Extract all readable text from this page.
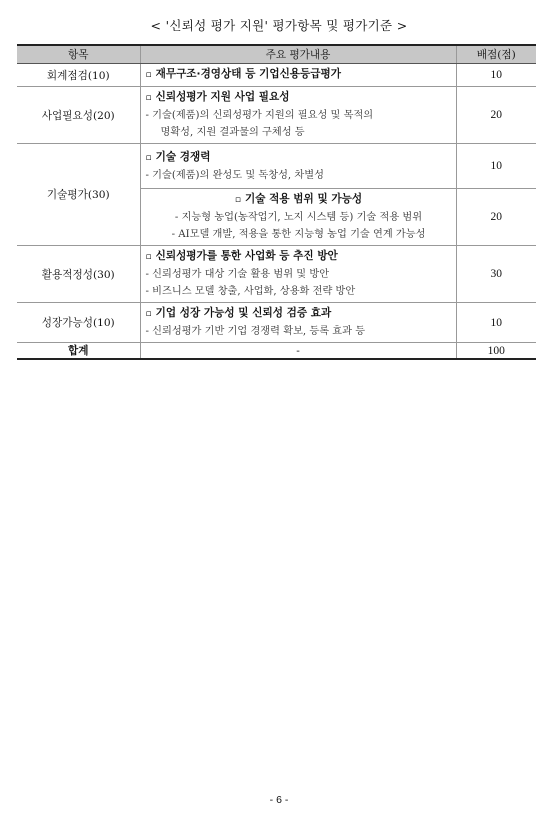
< '신뢰성 평가 지원' 평가항목 및 평가기준 >
항목	주요 평가내용	배점(점)
회계점검(10)	▫ 재무구조·경영상태 등 기업신용등급평가	10
사업필요성(20)	▫ 신뢰성평가 지원 사업 필요성
- 기술(제품)의 신뢰성평가 지원의 필요성 및 목적의
명확성, 지원 결과물의 구체성 등	20
기술평가(30)	▫ 기술 경쟁력
- 기술(제품)의 완성도 및 독창성, 차별성	10

	▫ 기술 적용 범위 및 가능성
- 지능형 농업(농작업기, 노지 시스템 등) 기술 적용 범위
- AI모델 개발, 적용을 통한 지능형 농업 기술 연계 가능성	20
활용적정성(30)	▫ 신뢰성평가를 통한 사업화 등 추진 방안
- 신뢰성평가 대상 기술 활용 범위 및 방안
- 비즈니스 모델 창출, 사업화, 상용화 전략 방안	30
성장가능성(10)	▫ 기업 성장 가능성 및 신뢰성 검증 효과
- 신뢰성평가 기반 기업 경쟁력 확보, 등록 효과 등	10
합계	-	100
- 6 -
